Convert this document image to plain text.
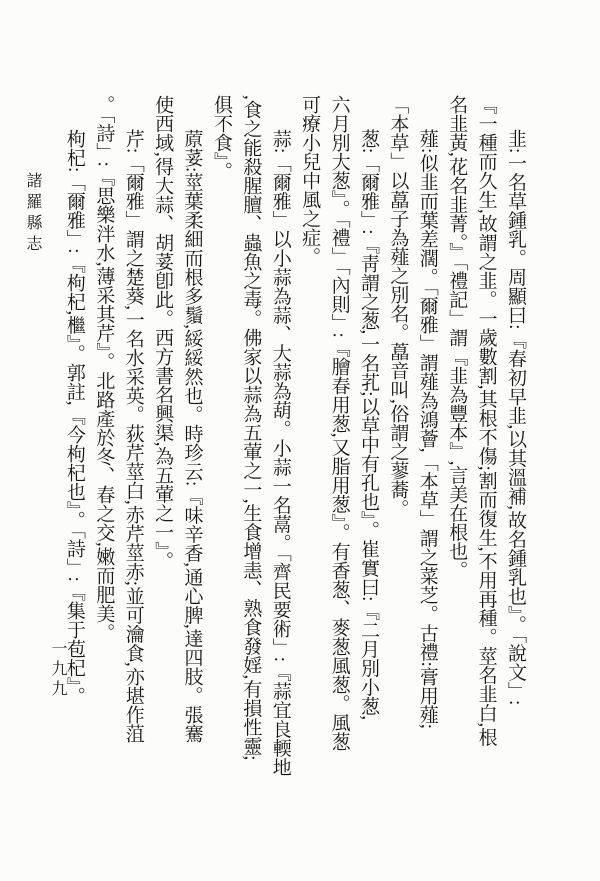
諸羅縣志
一九九	韭:一名草鍾乳。周顯曰:『春初早韭,以其溫補,故名鍾乳也』。「說文」:
『一種而久生,故謂之韭。一歲數割,其根不傷;割而復生,不用再種。莖名韭白,根
名韭黃,花名韭菁。』「禮記」謂『韭為豐本』,言美在根也。
薤:似韭而葉差濶。「爾雅」謂薤為鴻薈,「本草」謂之菜芝。古禮:膏用薤;
「本草」以藠子為薤之別名。藠音叫,俗謂之蓼蕎。
葱:「爾雅」:『靑謂之葱,一名芤;以草中有孔也』。崔實曰:『二月別小葱,
六月別大葱』。「禮」「內則」:『膾春用葱,又脂用葱』。有香葱、麥葱風葱。風葱
可療小兒中風之症。
蒜:「爾雅」以小蒜為蒜、大蒜為葫。小蒜一名蒚。「齊民要術」:『蒜宜良輭地
,食之能殺腥膻、蟲魚之毒。佛家以蒜為五葷之一,生食增恚、熟食發婬,有損性靈;
俱不食』。
蒝荽:莖葉柔細而根多鬚,綏綏然也。時珍云:『味辛香,通心脾,達四肢。張騫
使西域,得大蒜、胡荽卽此。西方書名興渠,為五葷之一』。
芹:「爾雅」謂之楚葵,一名水采英。荻芹莖白,赤芹莖赤;並可瀹食,亦堪作菹
。「詩」:『思樂泮水,薄采其芹』。北路產於冬、春之交,嫩而肥美。
枸杞:「爾雅」:『枸杞,檵』。郭註,『今枸杞也』。「詩」:『集于苞杞』。
